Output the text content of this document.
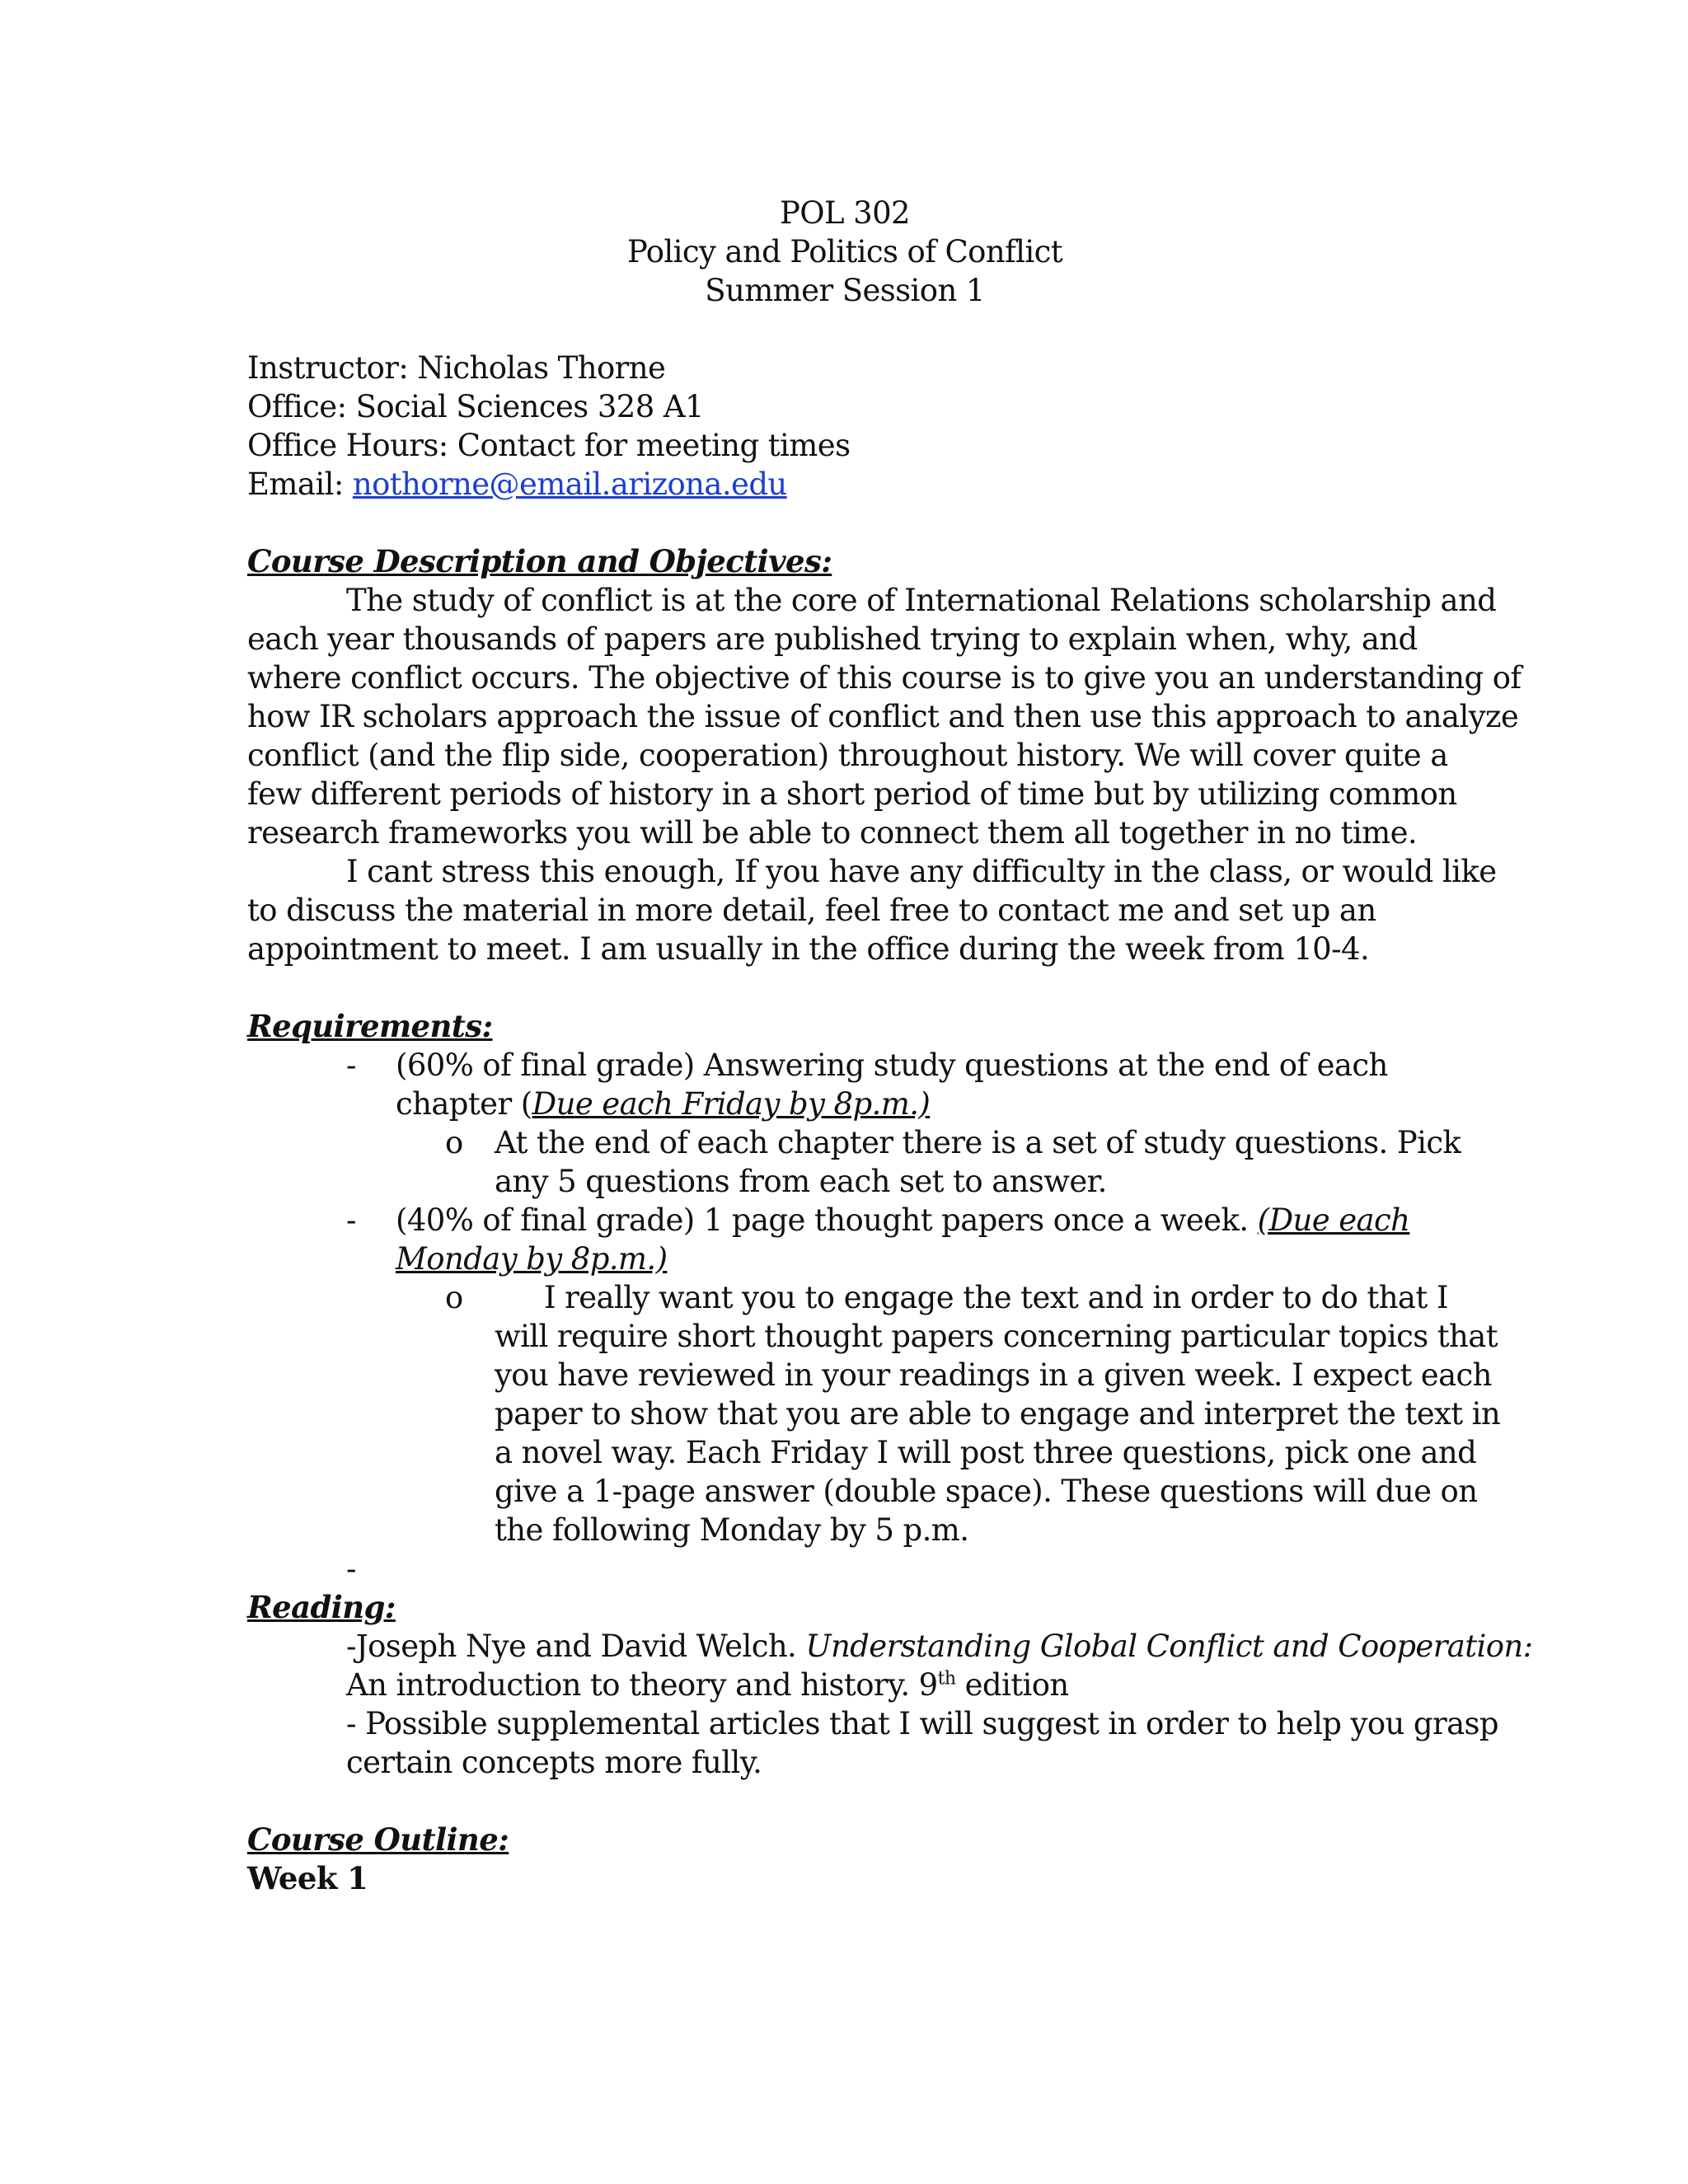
POL 302
Policy and Politics of Conflict
Summer Session 1
Instructor: Nicholas Thorne
Office: Social Sciences 328 A1
Office Hours: Contact for meeting times
Email: nothorne@email.arizona.edu
Course Description and Objectives:
The study of conflict is at the core of International Relations scholarship and
each year thousands of papers are published trying to explain when, why, and
where conflict occurs. The objective of this course is to give you an understanding of
how IR scholars approach the issue of conflict and then use this approach to analyze
conflict (and the flip side, cooperation) throughout history. We will cover quite a
few different periods of history in a short period of time but by utilizing common
research frameworks you will be able to connect them all together in no time.
I cant stress this enough, If you have any difficulty in the class, or would like
to discuss the material in more detail, feel free to contact me and set up an
appointment to meet. I am usually in the office during the week from 10-4.
Requirements:
- (60% of final grade) Answering study questions at the end of each
chapter (Due each Friday by 8p.m.)
o At the end of each chapter there is a set of study questions. Pick
any 5 questions from each set to answer.
- (40% of final grade) 1 page thought papers once a week. (Due each
Monday by 8p.m.)
o	I really want you to engage the text and in order to do that I
will require short thought papers concerning particular topics that
you have reviewed in your readings in a given week. I expect each
paper to show that you are able to engage and interpret the text in
a novel way. Each Friday I will post three questions, pick one and
give a 1-page answer (double space). These questions will due on
the following Monday by 5 p.m.
-
Reading:
-Joseph Nye and David Welch. Understanding Global Conflict and Cooperation:
An introduction to theory and history. 9th edition
- Possible supplemental articles that I will suggest in order to help you grasp
certain concepts more fully.
Course Outline:
Week 1
